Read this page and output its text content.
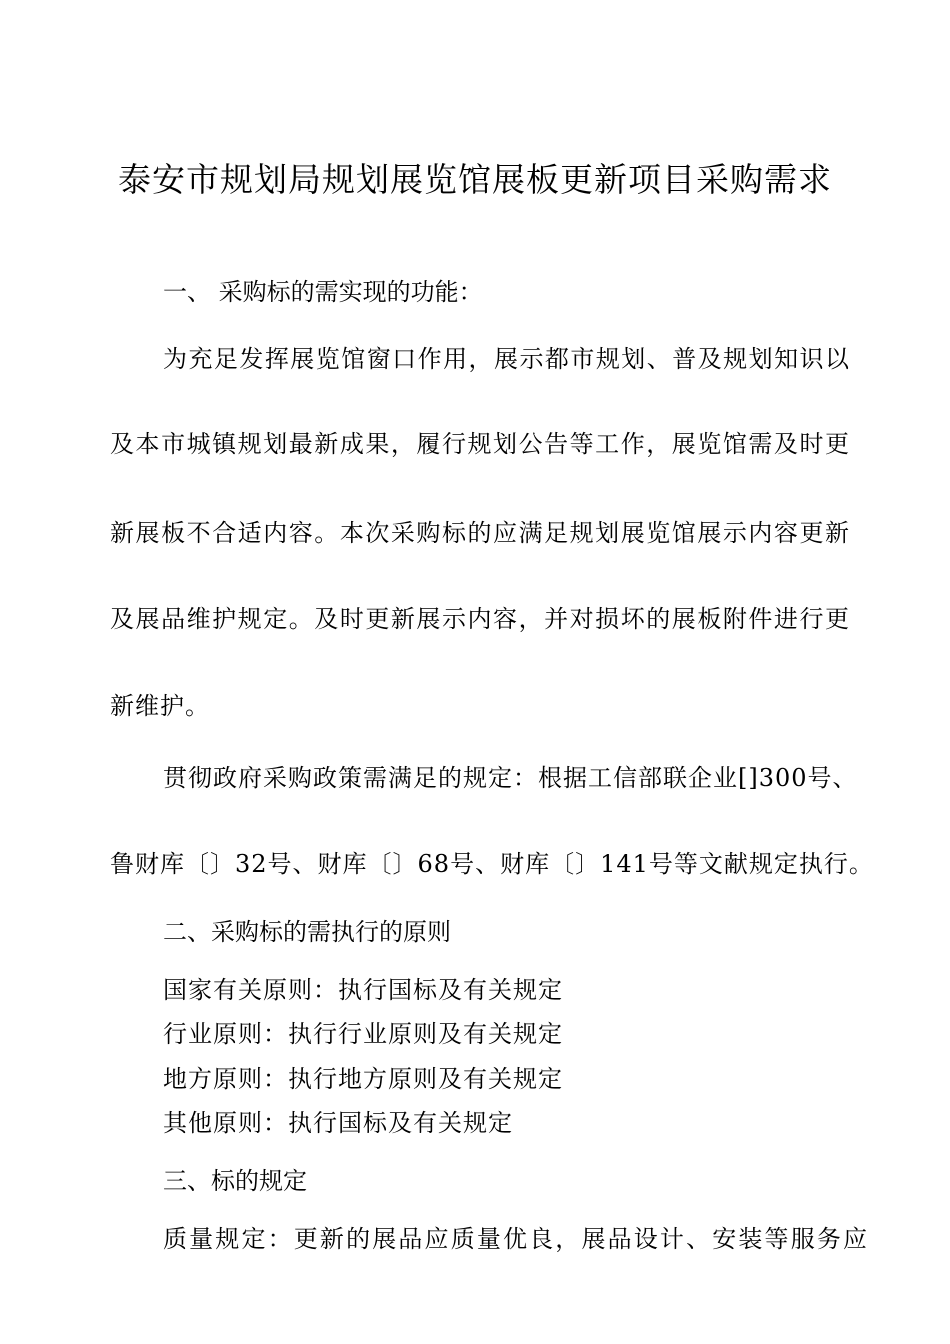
泰安市规划局规划展览馆展板更新项目采购需求
一、 采购标的需实现的功能：

为充足发挥展览馆窗口作用，展示都市规划、普及规划知识以

及本市城镇规划最新成果，履行规划公告等工作，展览馆需及时更

新展板不合适内容。本次采购标的应满足规划展览馆展示内容更新

及展品维护规定。及时更新展示内容，并对损坏的展板附件进行更

新维护。

贯彻政府采购政策需满足的规定：根据工信部联企业[]300号、

鲁财库〔〕32号、财库〔〕68号、财库〔〕141号等文献规定执行。

二、采购标的需执行的原则

国家有关原则：执行国标及有关规定

行业原则：执行行业原则及有关规定

地方原则：执行地方原则及有关规定

其他原则：执行国标及有关规定

三、标的规定

质量规定：更新的展品应质量优良，展品设计、安装等服务应
